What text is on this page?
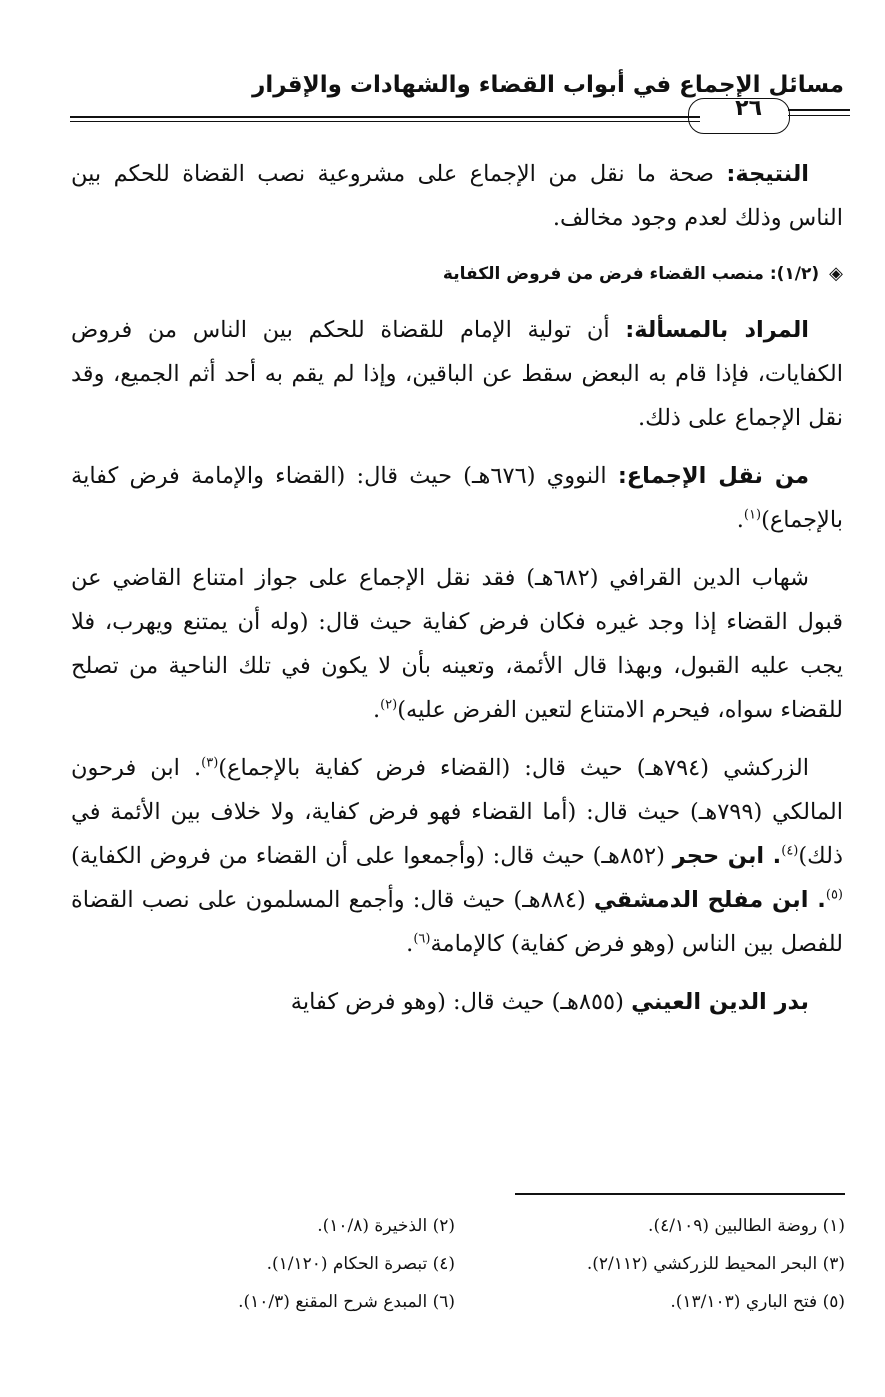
مسائل الإجماع في أبواب القضاء والشهادات والإقرار
٢٦

النتيجة: صحة ما نقل من الإجماع على مشروعية نصب القضاة للحكم بين الناس وذلك لعدم وجود مخالف.

◈(١/٢): منصب القضاء فرض من فروض الكفاية

المراد بالمسألة: أن تولية الإمام للقضاة للحكم بين الناس من فروض الكفايات، فإذا قام به البعض سقط عن الباقين، وإذا لم يقم به أحد أثم الجميع، وقد نقل الإجماع على ذلك.

من نقل الإجماع: النووي (٦٧٦هـ) حيث قال: (القضاء والإمامة فرض كفاية بالإجماع)$^{(١)}$.

شهاب الدين القرافي (٦٨٢هـ) فقد نقل الإجماع على جواز امتناع القاضي عن قبول القضاء إذا وجد غيره فكان فرض كفاية حيث قال: (وله أن يمتنع ويهرب، فلا يجب عليه القبول، وبهذا قال الأئمة، وتعينه بأن لا يكون في تلك الناحية من تصلح للقضاء سواه، فيحرم الامتناع لتعين الفرض عليه)$^{(٢)}$.

الزركشي (٧٩٤هـ) حيث قال: (القضاء فرض كفاية بالإجماع)$^{(٣)}$. ابن فرحون المالكي (٧٩٩هـ) حيث قال: (أما القضاء فهو فرض كفاية، ولا خلاف بين الأئمة في ذلك)$^{(٤)}$. ابن حجر (٨٥٢هـ) حيث قال: (وأجمعوا على أن القضاء من فروض الكفاية)$^{(٥)}$. ابن مفلح الدمشقي (٨٨٤هـ) حيث قال: وأجمع المسلمون على نصب القضاة للفصل بين الناس (وهو فرض كفاية) كالإمامة$^{(٦)}$.

بدر الدين العيني (٨٥٥هـ) حيث قال: (وهو فرض كفاية

(١) روضة الطالبين (٤/١٠٩).
(٢) الذخيرة (١٠/٨).
(٣) البحر المحيط للزركشي (٢/١١٢).
(٤) تبصرة الحكام (١/١٢٠).
(٥) فتح الباري (١٣/١٠٣).
(٦) المبدع شرح المقنع (١٠/٣).
